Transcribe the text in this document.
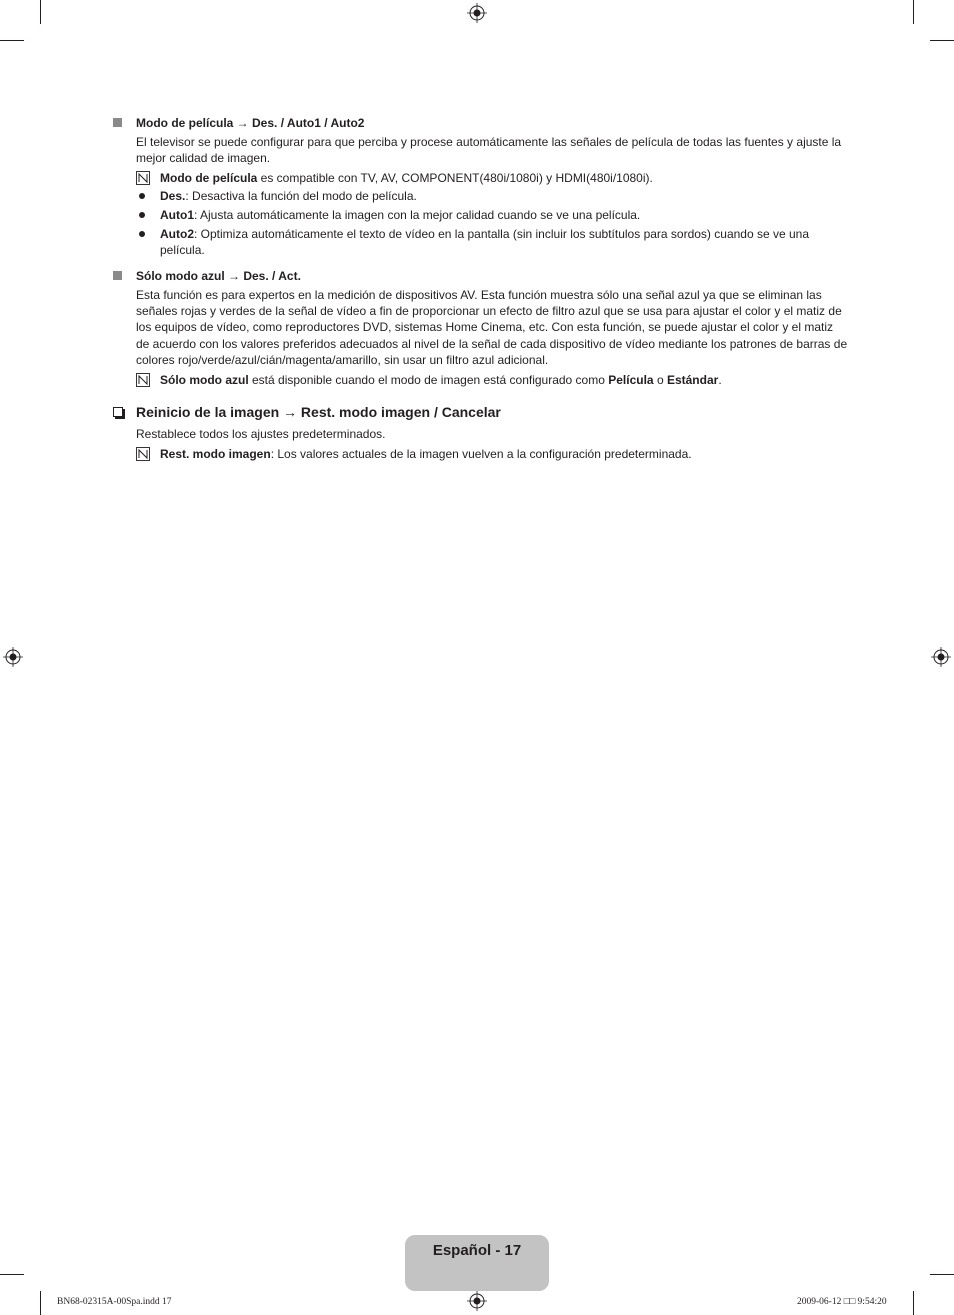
Modo de película → Des. / Auto1 / Auto2
El televisor se puede configurar para que perciba y procese automáticamente las señales de película de todas las fuentes y ajuste la mejor calidad de imagen.
Modo de película es compatible con TV, AV, COMPONENT(480i/1080i) y HDMI(480i/1080i).
Des.: Desactiva la función del modo de película.
Auto1: Ajusta automáticamente la imagen con la mejor calidad cuando se ve una película.
Auto2: Optimiza automáticamente el texto de vídeo en la pantalla (sin incluir los subtítulos para sordos) cuando se ve una película.
Sólo modo azul → Des. / Act.
Esta función es para expertos en la medición de dispositivos AV. Esta función muestra sólo una señal azul ya que se eliminan las señales rojas y verdes de la señal de vídeo a fin de proporcionar un efecto de filtro azul que se usa para ajustar el color y el matiz de los equipos de vídeo, como reproductores DVD, sistemas Home Cinema, etc. Con esta función, se puede ajustar el color y el matiz de acuerdo con los valores preferidos adecuados al nivel de la señal de cada dispositivo de vídeo mediante los patrones de barras de colores rojo/verde/azul/cián/magenta/amarillo, sin usar un filtro azul adicional.
Sólo modo azul está disponible cuando el modo de imagen está configurado como Película o Estándar.
Reinicio de la imagen → Rest. modo imagen / Cancelar
Restablece todos los ajustes predeterminados.
Rest. modo imagen: Los valores actuales de la imagen vuelven a la configuración predeterminada.
Español - 17
BN68-02315A-00Spa.indd 17	2009-06-12 □□ 9:54:20
